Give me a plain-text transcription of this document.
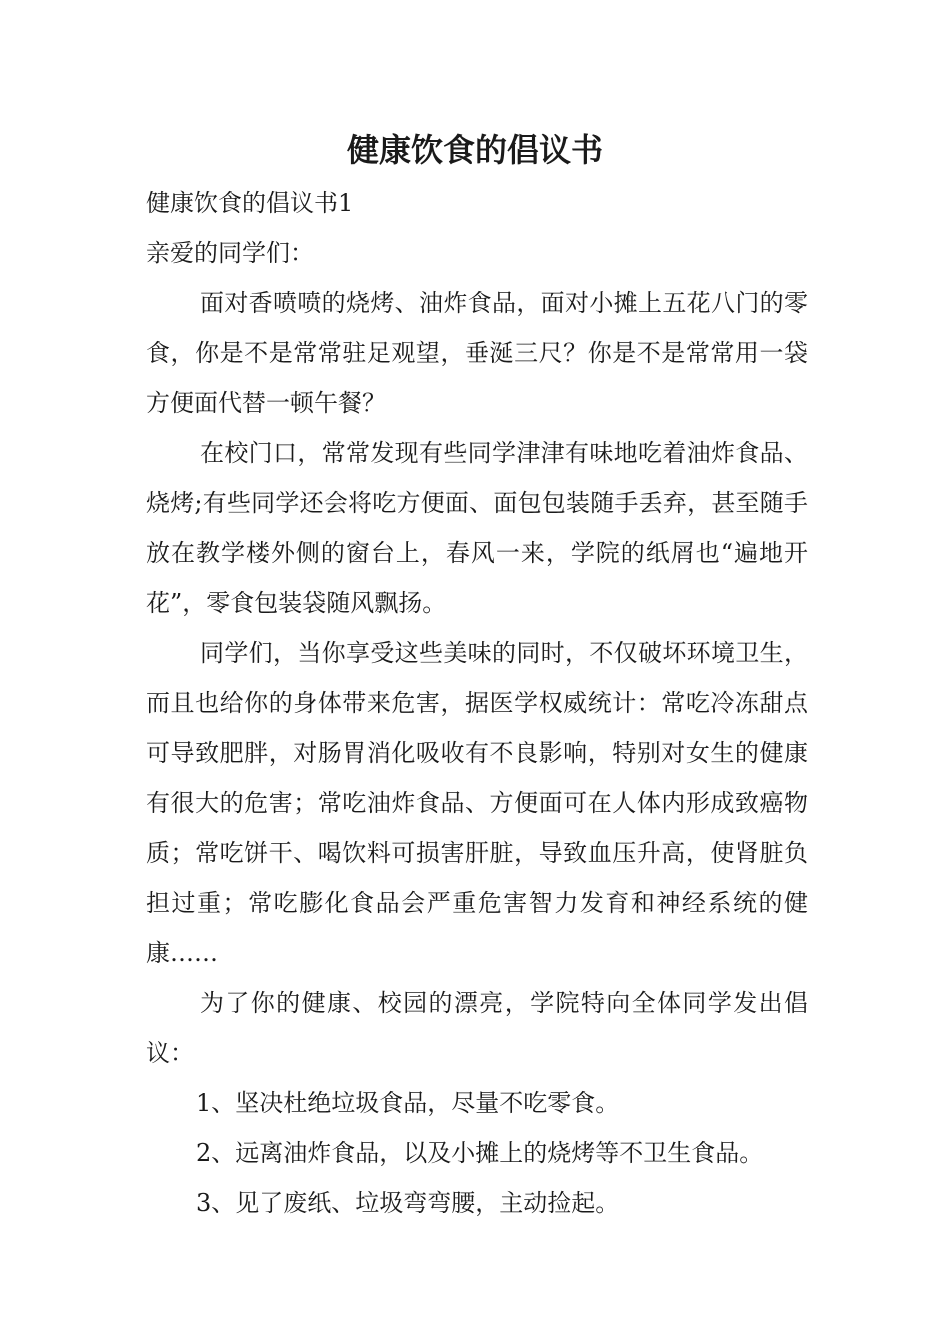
健康饮食的倡议书

健康饮食的倡议书1

亲爱的同学们：

面对香喷喷的烧烤、油炸食品，面对小摊上五花八门的零食，你是不是常常驻足观望，垂涎三尺？你是不是常常用一袋方便面代替一顿午餐？

在校门口，常常发现有些同学津津有味地吃着油炸食品、烧烤;有些同学还会将吃方便面、面包包装随手丢弃，甚至随手放在教学楼外侧的窗台上，春风一来，学院的纸屑也“遍地开花”，零食包装袋随风飘扬。

同学们，当你享受这些美味的同时，不仅破坏环境卫生，而且也给你的身体带来危害，据医学权威统计：常吃冷冻甜点可导致肥胖，对肠胃消化吸收有不良影响，特别对女生的健康有很大的危害；常吃油炸食品、方便面可在人体内形成致癌物质；常吃饼干、喝饮料可损害肝脏，导致血压升高，使肾脏负担过重；常吃膨化食品会严重危害智力发育和神经系统的健康……

为了你的健康、校园的漂亮，学院特向全体同学发出倡议：

1、坚决杜绝垃圾食品，尽量不吃零食。

2、远离油炸食品，以及小摊上的烧烤等不卫生食品。

3、见了废纸、垃圾弯弯腰，主动捡起。
